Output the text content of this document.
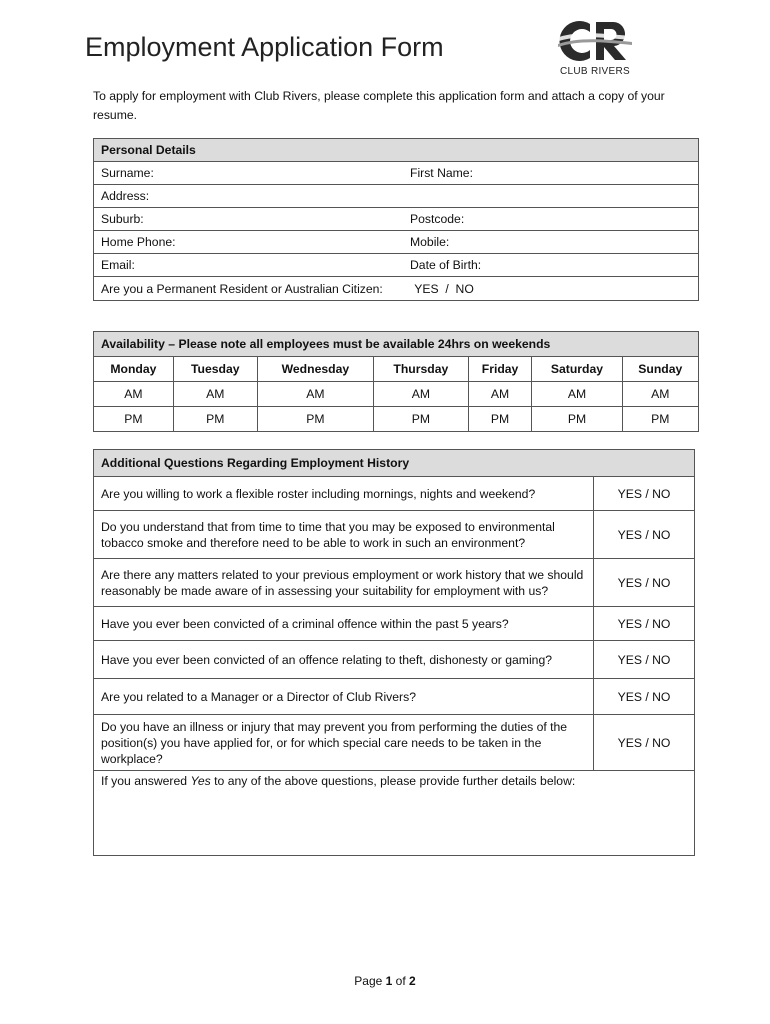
Employment Application Form
CLUB RIVERS
To apply for employment with Club Rivers, please complete this application form and attach a copy of your resume.
Personal Details	
Surname:	First Name:
Address:	
Suburb:	Postcode:
Home Phone:	Mobile:
Email:	Date of Birth:
Are you a Permanent Resident or Australian Citizen: YES  /  NO	
Availability – Please note all employees must be available 24hrs on weekends						
Monday	Tuesday	Wednesday	Thursday	Friday	Saturday	Sunday
AM	AM	AM	AM	AM	AM	AM
PM	PM	PM	PM	PM	PM	PM
Additional Questions Regarding Employment History	
Are you willing to work a flexible roster including mornings, nights and weekend?	YES / NO
Do you understand that from time to time that you may be exposed to environmental tobacco smoke and therefore need to be able to work in such an environment?	YES / NO
Are there any matters related to your previous employment or work history that we should reasonably be made aware of in assessing your suitability for employment with us?	YES / NO
Have you ever been convicted of a criminal offence within the past 5 years?	YES / NO
Have you ever been convicted of an offence relating to theft, dishonesty or gaming?	YES / NO
Are you related to a Manager or a Director of Club Rivers?	YES / NO
Do you have an illness or injury that may prevent you from performing the duties of the position(s) you have applied for, or for which special care needs to be taken in the workplace?	YES / NO
If you answered Yes to any of the above questions, please provide further details below:	
Page 1 of 2
